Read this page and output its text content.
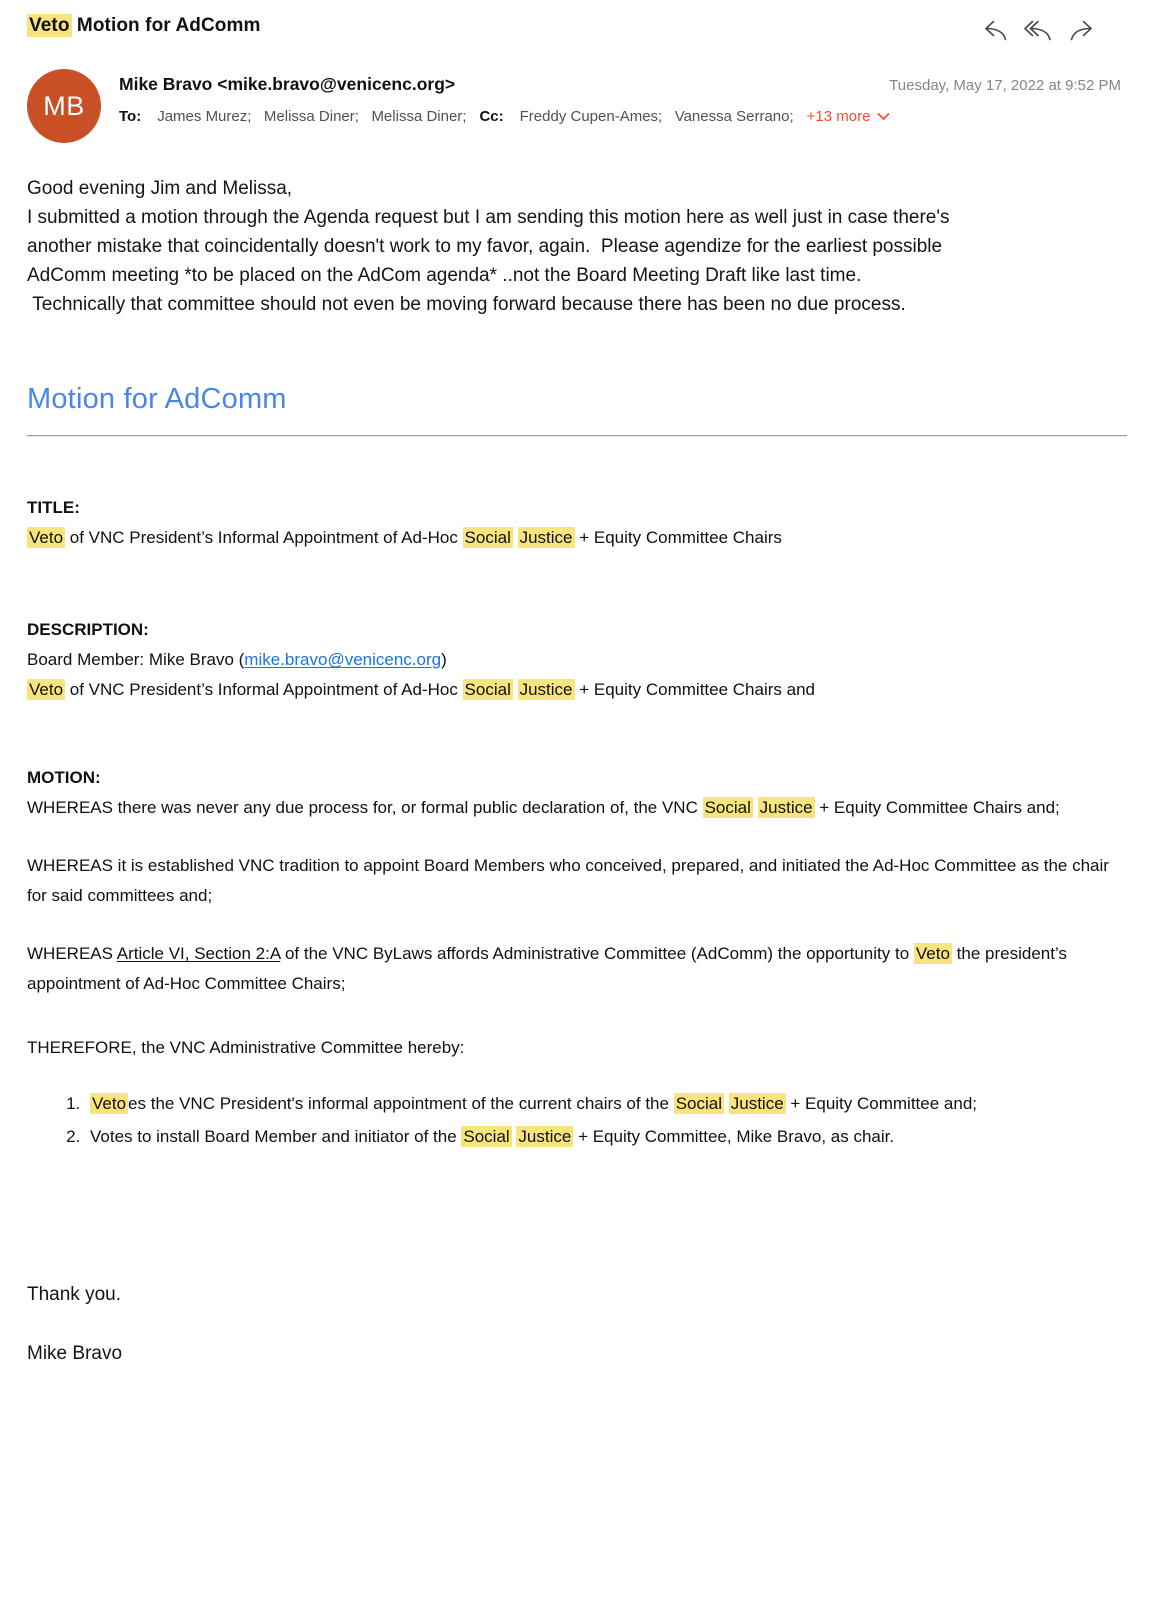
Veto Motion for AdComm
MB
Mike Bravo <mike.bravo@venicenc.org>	Tuesday, May 17, 2022 at 9:52 PM
To: James Murez;   Melissa Diner;   Melissa Diner; Cc: Freddy Cupen-Ames;   Vanessa Serrano; +13 more

Good evening Jim and Melissa,

I submitted a motion through the Agenda request but I am sending this motion here as well just in case there's another mistake that coincidentally doesn't work to my favor, again.  Please agendize for the earliest possible AdComm meeting *to be placed on the AdCom agenda* ..not the Board Meeting Draft like last time.

Technically that committee should not even be moving forward because there has been no due process.

Motion for AdComm

TITLE:

Veto of VNC President’s Informal Appointment of Ad-Hoc Social Justice + Equity Committee Chairs

DESCRIPTION:

Board Member: Mike Bravo (mike.bravo@venicenc.org)

Veto of VNC President’s Informal Appointment of Ad-Hoc Social Justice + Equity Committee Chairs and

MOTION:

WHEREAS there was never any due process for, or formal public declaration of, the VNC Social Justice + Equity Committee Chairs and;

WHEREAS it is established VNC tradition to appoint Board Members who conceived, prepared, and initiated the Ad-Hoc Committee as the chair for said committees and;

WHEREAS Article VI, Section 2:A of the VNC ByLaws affords Administrative Committee (AdComm) the opportunity to Veto the president’s appointment of Ad-Hoc Committee Chairs;

THEREFORE, the VNC Administrative Committee hereby:

1. Veto es the VNC President's informal appointment of the current chairs of the Social Justice + Equity Committee and;
2. Votes to install Board Member and initiator of the Social Justice + Equity Committee, Mike Bravo, as chair.

Thank you.

Mike Bravo
